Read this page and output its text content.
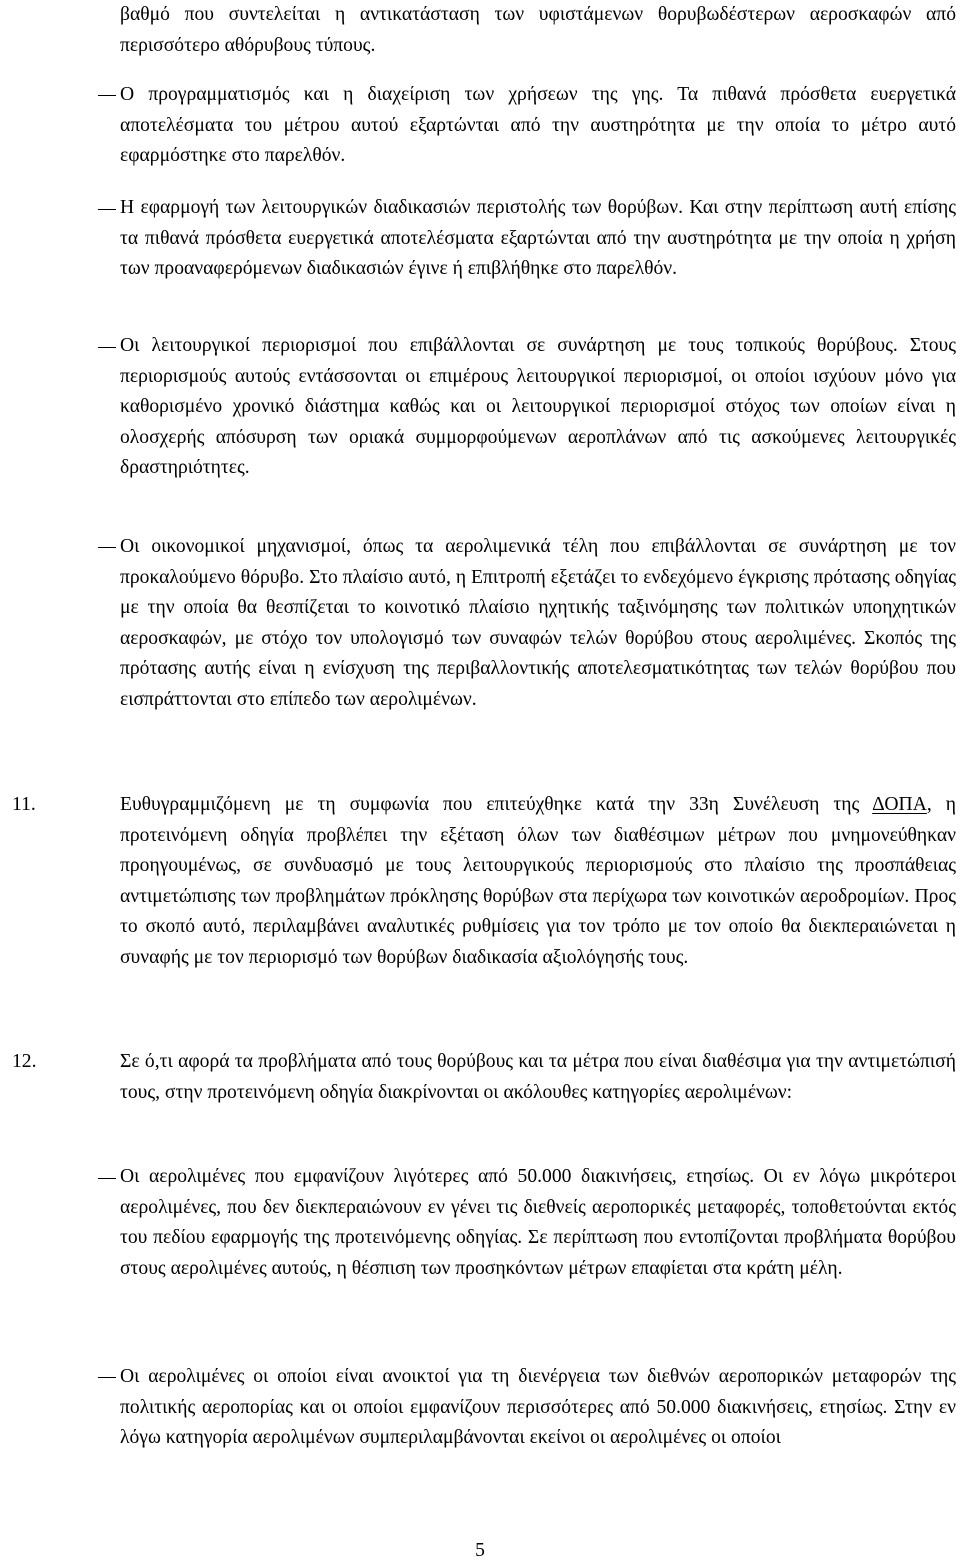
βαθμό που συντελείται η αντικατάσταση των υφιστάμενων θορυβωδέστερων αεροσκαφών από περισσότερο αθόρυβους τύπους.
Ο προγραμματισμός και η διαχείριση των χρήσεων της γης. Τα πιθανά πρόσθετα ευεργετικά αποτελέσματα του μέτρου αυτού εξαρτώνται από την αυστηρότητα με την οποία το μέτρο αυτό εφαρμόστηκε στο παρελθόν.
Η εφαρμογή των λειτουργικών διαδικασιών περιστολής των θορύβων. Και στην περίπτωση αυτή επίσης τα πιθανά πρόσθετα ευεργετικά αποτελέσματα εξαρτώνται από την αυστηρότητα με την οποία η χρήση των προαναφερόμενων διαδικασιών έγινε ή επιβλήθηκε στο παρελθόν.
Οι λειτουργικοί περιορισμοί που επιβάλλονται σε συνάρτηση με τους τοπικούς θορύβους. Στους περιορισμούς αυτούς εντάσσονται οι επιμέρους λειτουργικοί περιορισμοί, οι οποίοι ισχύουν μόνο για καθορισμένο χρονικό διάστημα καθώς και οι λειτουργικοί περιορισμοί στόχος των οποίων είναι η ολοσχερής απόσυρση των οριακά συμμορφούμενων αεροπλάνων από τις ασκούμενες λειτουργικές δραστηριότητες.
Οι οικονομικοί μηχανισμοί, όπως τα αερολιμενικά τέλη που επιβάλλονται σε συνάρτηση με τον προκαλούμενο θόρυβο. Στο πλαίσιο αυτό, η Επιτροπή εξετάζει το ενδεχόμενο έγκρισης πρότασης οδηγίας με την οποία θα θεσπίζεται το κοινοτικό πλαίσιο ηχητικής ταξινόμησης των πολιτικών υποηχητικών αεροσκαφών, με στόχο τον υπολογισμό των συναφών τελών θορύβου στους αερολιμένες. Σκοπός της πρότασης αυτής είναι η ενίσχυση της περιβαλλοντικής αποτελεσματικότητας των τελών θορύβου που εισπράττονται στο επίπεδο των αερολιμένων.
11.	Ευθυγραμμιζόμενη με τη συμφωνία που επιτεύχθηκε κατά την 33η Συνέλευση της ΔΟΠΑ, η προτεινόμενη οδηγία προβλέπει την εξέταση όλων των διαθέσιμων μέτρων που μνημονεύθηκαν προηγουμένως, σε συνδυασμό με τους λειτουργικούς περιορισμούς στο πλαίσιο της προσπάθειας αντιμετώπισης των προβλημάτων πρόκλησης θορύβων στα περίχωρα των κοινοτικών αεροδρομίων. Προς το σκοπό αυτό, περιλαμβάνει αναλυτικές ρυθμίσεις για τον τρόπο με τον οποίο θα διεκπεραιώνεται η συναφής με τον περιορισμό των θορύβων διαδικασία αξιολόγησής τους.
12.	Σε ό,τι αφορά τα προβλήματα από τους θορύβους και τα μέτρα που είναι διαθέσιμα για την αντιμετώπισή τους, στην προτεινόμενη οδηγία διακρίνονται οι ακόλουθες κατηγορίες αερολιμένων:
Οι αερολιμένες που εμφανίζουν λιγότερες από 50.000 διακινήσεις, ετησίως. Οι εν λόγω μικρότεροι αερολιμένες, που δεν διεκπεραιώνουν εν γένει τις διεθνείς αεροπορικές μεταφορές, τοποθετούνται εκτός του πεδίου εφαρμογής της προτεινόμενης οδηγίας. Σε περίπτωση που εντοπίζονται προβλήματα θορύβου στους αερολιμένες αυτούς, η θέσπιση των προσηκόντων μέτρων επαφίεται στα κράτη μέλη.
Οι αερολιμένες οι οποίοι είναι ανοικτοί για τη διενέργεια των διεθνών αεροπορικών μεταφορών της πολιτικής αεροπορίας και οι οποίοι εμφανίζουν περισσότερες από 50.000 διακινήσεις, ετησίως. Στην εν λόγω κατηγορία αερολιμένων συμπεριλαμβάνονται εκείνοι οι αερολιμένες οι οποίοι
5
